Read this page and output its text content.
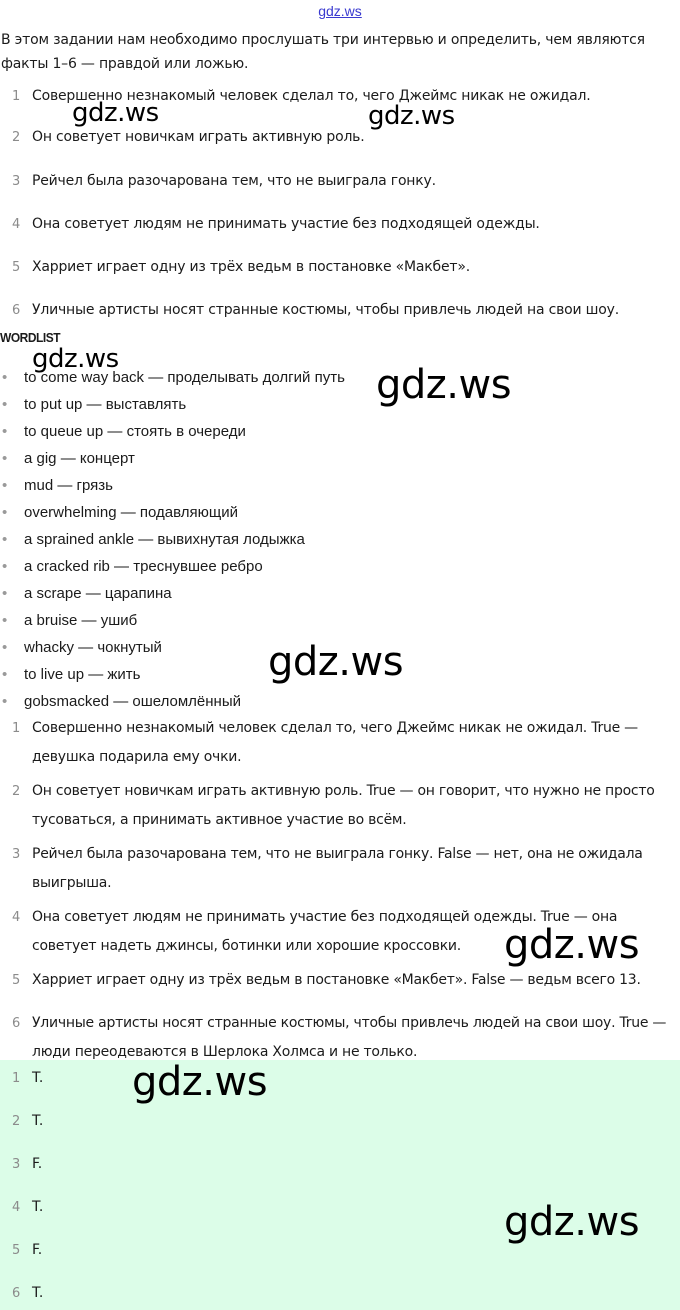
gdz.ws
В этом задании нам необходимо прослушать три интервью и определить, чем являются факты 1–6 — правдой или ложью.
1 Совершенно незнакомый человек сделал то, чего Джеймс никак не ожидал.
2 Он советует новичкам играть активную роль.
3 Рейчел была разочарована тем, что не выиграла гонку.
4 Она советует людям не принимать участие без подходящей одежды.
5 Харриет играет одну из трёх ведьм в постановке «Макбет».
6 Уличные артисты носят странные костюмы, чтобы привлечь людей на свои шоу.
WORDLIST
• to come way back — проделывать долгий путь
• to put up — выставлять
• to queue up — стоять в очереди
• a gig — концерт
• mud — грязь
• overwhelming — подавляющий
• a sprained ankle — вывихнутая лодыжка
• a cracked rib — треснувшее ребро
• a scrape — царапина
• a bruise — ушиб
• whacky — чокнутый
• to live up — жить
• gobsmacked — ошеломлённый
1 Совершенно незнакомый человек сделал то, чего Джеймс никак не ожидал. True — девушка подарила ему очки.
2 Он советует новичкам играть активную роль. True — он говорит, что нужно не просто тусоваться, а принимать активное участие во всём.
3 Рейчел была разочарована тем, что не выиграла гонку. False — нет, она не ожидала выигрыша.
4 Она советует людям не принимать участие без подходящей одежды. True — она советует надеть джинсы, ботинки или хорошие кроссовки.
5 Харриет играет одну из трёх ведьм в постановке «Макбет». False — ведьм всего 13.
6 Уличные артисты носят странные костюмы, чтобы привлечь людей на свои шоу. True — люди переодеваются в Шерлока Холмса и не только.
1 T.
2 T.
3 F.
4 T.
5 F.
6 T.
gdz.ws	gdz.ws
gdz.ws
gdz.ws
gdz.ws
gdz.ws
gdz.ws
gdz.ws
